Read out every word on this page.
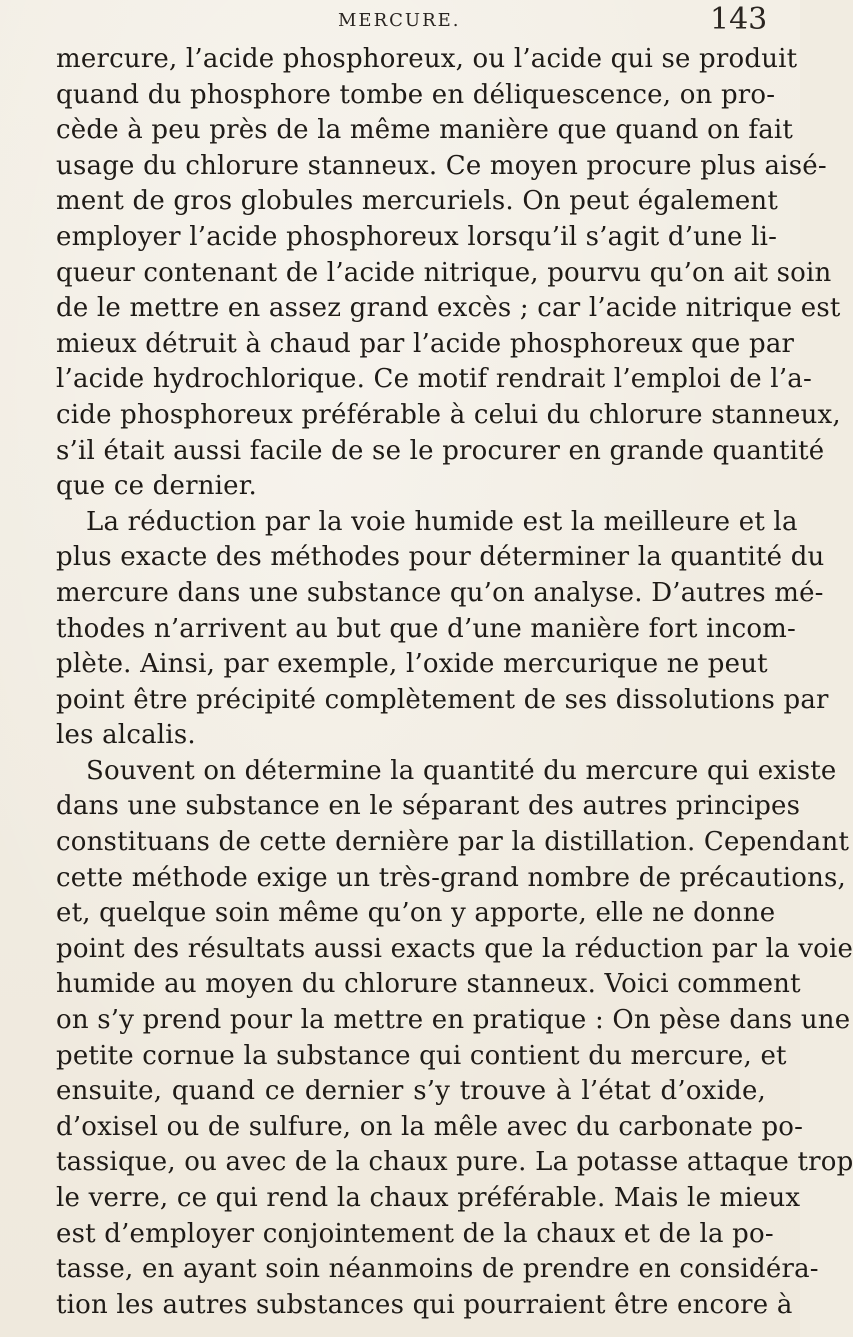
MERCURE.	143
mercure, l’acide phosphoreux, ou l’acide qui se produit
quand du phosphore tombe en déliquescence, on pro-
cède à peu près de la même manière que quand on fait
usage du chlorure stanneux. Ce moyen procure plus aisé-
ment de gros globules mercuriels. On peut également
employer l’acide phosphoreux lorsqu’il s’agit d’une li-
queur contenant de l’acide nitrique, pourvu qu’on ait soin
de le mettre en assez grand excès ; car l’acide nitrique est
mieux détruit à chaud par l’acide phosphoreux que par
l’acide hydrochlorique. Ce motif rendrait l’emploi de l’a-
cide phosphoreux préférable à celui du chlorure stanneux,
s’il était aussi facile de se le procurer en grande quantité
que ce dernier.
La réduction par la voie humide est la meilleure et la
plus exacte des méthodes pour déterminer la quantité du
mercure dans une substance qu’on analyse. D’autres mé-
thodes n’arrivent au but que d’une manière fort incom-
plète. Ainsi, par exemple, l’oxide mercurique ne peut
point être précipité complètement de ses dissolutions par
les alcalis.
Souvent on détermine la quantité du mercure qui existe
dans une substance en le séparant des autres principes
constituans de cette dernière par la distillation. Cependant
cette méthode exige un très-grand nombre de précautions,
et, quelque soin même qu’on y apporte, elle ne donne
point des résultats aussi exacts que la réduction par la voie
humide au moyen du chlorure stanneux. Voici comment
on s’y prend pour la mettre en pratique : On pèse dans une
petite cornue la substance qui contient du mercure, et
ensuite, quand ce dernier s’y trouve à l’état d’oxide,
d’oxisel ou de sulfure, on la mêle avec du carbonate po-
tassique, ou avec de la chaux pure. La potasse attaque trop
le verre, ce qui rend la chaux préférable. Mais le mieux
est d’employer conjointement de la chaux et de la po-
tasse, en ayant soin néanmoins de prendre en considéra-
tion les autres substances qui pourraient être encore à
